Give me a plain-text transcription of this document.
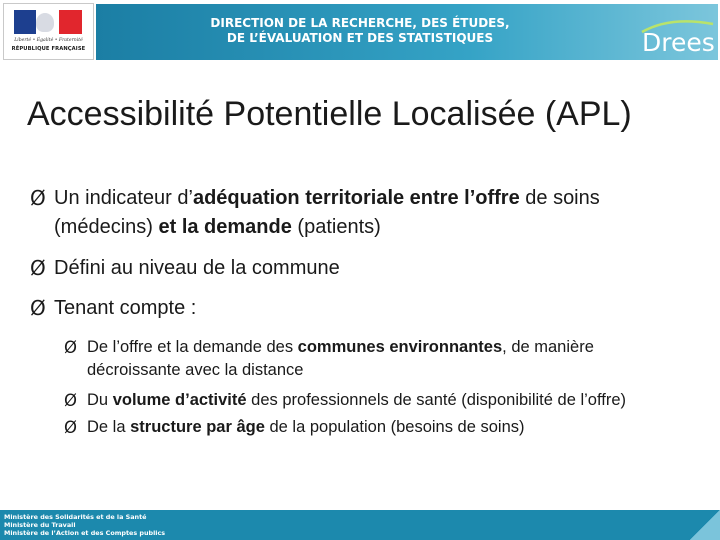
Liberté • Égalité • Fraternité
RÉPUBLIQUE FRANÇAISE
DIRECTION DE LA RECHERCHE, DES ÉTUDES,
DE L’ÉVALUATION ET DES STATISTIQUES	Drees
Accessibilité Potentielle Localisée (APL)
Ø Un indicateur d’adéquation territoriale entre l’offre de soins
(médecins) et la demande (patients)
Ø Défini au niveau de la commune
Ø Tenant compte :
Ø De l’offre et la demande des communes environnantes, de manière
décroissante avec la distance
Ø Du volume d’activité des professionnels de santé (disponibilité de l’offre)
Ø De la structure par âge de la population (besoins de soins)
Ministère des Solidarités et de la Santé
Ministère du Travail
Ministère de l’Action et des Comptes publics
